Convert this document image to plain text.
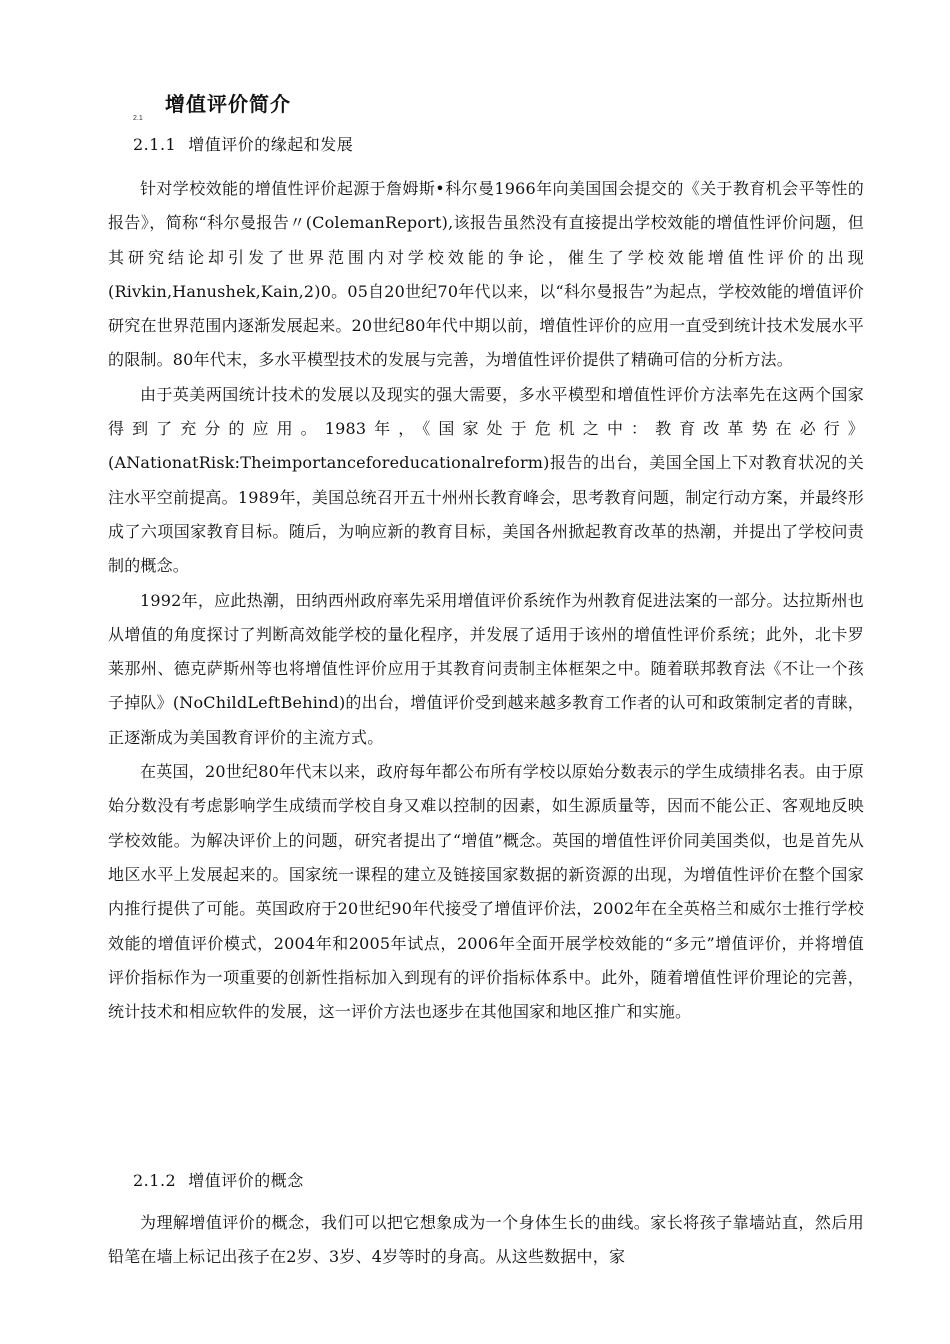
2.1
增值评价简介
2.1.1 增值评价的缘起和发展

针对学校效能的增值性评价起源于詹姆斯•科尔曼1966年向美国国会提交的《关于教育机会平等性的报告》，简称“科尔曼报告〃(ColemanReport),该报告虽然没有直接提出学校效能的增值性评价问题，但其研究结论却引发了世界范围内对学校效能的争论，催生了学校效能增值性评价的出现(Rivkin,Hanushek,Kain,2)0。05自20世纪70年代以来，以“科尔曼报告”为起点，学校效能的增值评价研究在世界范围内逐渐发展起来。20世纪80年代中期以前，增值性评价的应用一直受到统计技术发展水平的限制。80年代末，多水平模型技术的发展与完善，为增值性评价提供了精确可信的分析方法。

由于英美两国统计技术的发展以及现实的强大需要，多水平模型和增值性评价方法率先在这两个国家得到了充分的应用。1983年，《国家处于危机之中：教育改革势在必行》(ANationatRisk:Theimportanceforeducationalreform)报告的出台，美国全国上下对教育状况的关注水平空前提高。1989年，美国总统召开五十州州长教育峰会，思考教育问题，制定行动方案，并最终形成了六项国家教育目标。随后，为响应新的教育目标，美国各州掀起教育改革的热潮，并提出了学校问责制的概念。

1992年，应此热潮，田纳西州政府率先采用增值评价系统作为州教育促进法案的一部分。达拉斯州也从增值的角度探讨了判断高效能学校的量化程序，并发展了适用于该州的增值性评价系统；此外，北卡罗莱那州、德克萨斯州等也将增值性评价应用于其教育问责制主体框架之中。随着联邦教育法《不让一个孩子掉队》(NoChildLeftBehind)的出台，增值评价受到越来越多教育工作者的认可和政策制定者的青睐，正逐渐成为美国教育评价的主流方式。

在英国，20世纪80年代末以来，政府每年都公布所有学校以原始分数表示的学生成绩排名表。由于原始分数没有考虑影响学生成绩而学校自身又难以控制的因素，如生源质量等，因而不能公正、客观地反映学校效能。为解决评价上的问题，研究者提出了“增值”概念。英国的增值性评价同美国类似，也是首先从地区水平上发展起来的。国家统一课程的建立及链接国家数据的新资源的出现，为增值性评价在整个国家内推行提供了可能。英国政府于20世纪90年代接受了增值评价法，2002年在全英格兰和威尔士推行学校效能的增值评价模式，2004年和2005年试点，2006年全面开展学校效能的“多元”增值评价，并将增值评价指标作为一项重要的创新性指标加入到现有的评价指标体系中。此外，随着增值性评价理论的完善，统计技术和相应软件的发展，这一评价方法也逐步在其他国家和地区推广和实施。

2.1.2 增值评价的概念

为理解增值评价的概念，我们可以把它想象成为一个身体生长的曲线。家长将孩子靠墙站直，然后用铅笔在墙上标记出孩子在2岁、3岁、4岁等时的身高。从这些数据中，家
